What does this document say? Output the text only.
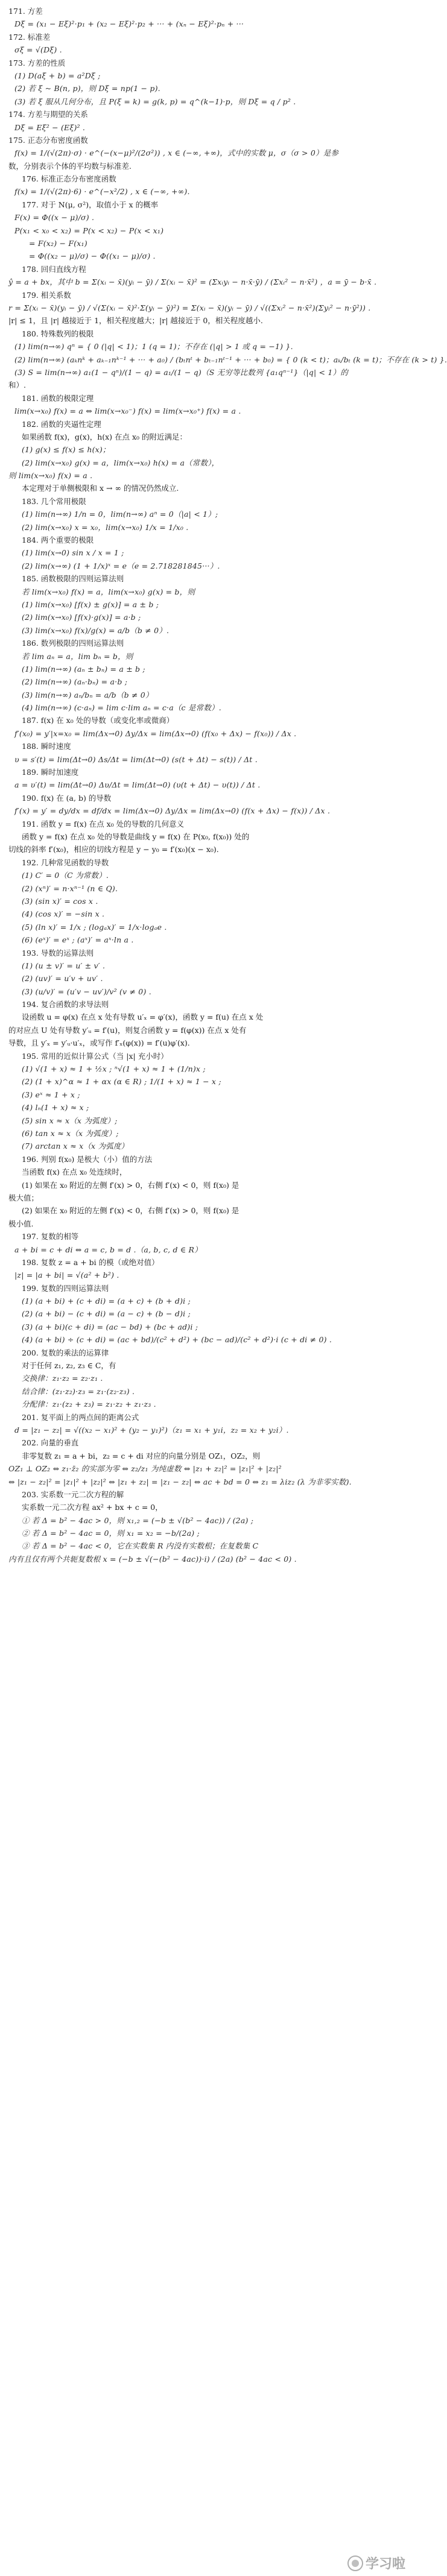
171. 方差
Dξ = (x₁ − Eξ)²·p₁ + (x₂ − Eξ)²·p₂ + ··· + (xₙ − Eξ)²·pₙ + ···
172. 标准差
σξ = √(Dξ) .
173. 方差的性质
(1) D(aξ + b) = a²Dξ ;
(2) 若 ξ ~ B(n, p)，则 Dξ = np(1 − p).
(3) 若 ξ 服从几何分布，且 P(ξ = k) = g(k, p) = q^(k−1)·p，则 Dξ = q / p² .
174. 方差与期望的关系
Dξ = Eξ² − (Eξ)² .
175. 正态分布密度函数
f(x) = 1/(√(2π)·σ) · e^(−(x−μ)²/(2σ²)) , x ∈ (−∞, +∞)，式中的实数 μ，σ（σ > 0）是参
数，分别表示个体的平均数与标准差.
176. 标准正态分布密度函数
f(x) = 1/(√(2π)·6) · e^(−x²/2) , x ∈ (−∞, +∞).
177. 对于 N(μ, σ²)，取值小于 x 的概率
F(x) = Φ((x − μ)/σ) .
P(x₁ < x₀ < x₂) = P(x < x₂) − P(x < x₁)
= F(x₂) − F(x₁)
= Φ((x₂ − μ)/σ) − Φ((x₁ − μ)/σ) .
178. 回归直线方程
ŷ = a + bx，其中 b = Σ(xᵢ − x̄)(yᵢ − ȳ) / Σ(xᵢ − x̄)² = (Σxᵢyᵢ − n·x̄·ȳ) / (Σxᵢ² − n·x̄²) ，a = ȳ − b·x̄ .
179. 相关系数
r = Σ(xᵢ − x̄)(yᵢ − ȳ) / √(Σ(xᵢ − x̄)²·Σ(yᵢ − ȳ)²) = Σ(xᵢ − x̄)(yᵢ − ȳ) / √((Σxᵢ² − n·x̄²)(Σyᵢ² − n·ȳ²)) .
|r| ≤ 1，且 |r| 越接近于 1，相关程度越大；|r| 越接近于 0，相关程度越小.
180. 特殊数列的极限
(1) lim(n→∞) qⁿ = { 0 (|q| < 1)；1 (q = 1)；不存在 (|q| > 1 或 q = −1) }.
(2) lim(n→∞) (aₖnᵏ + aₖ₋₁nᵏ⁻¹ + ··· + a₀) / (bₜnᵗ + bₜ₋₁nᵗ⁻¹ + ··· + b₀) = { 0 (k < t)；aₖ/bₜ (k = t)；不存在 (k > t) }.
(3) S = lim(n→∞) a₁(1 − qⁿ)/(1 − q) = a₁/(1 − q)（S 无穷等比数列 {a₁qⁿ⁻¹}（|q| < 1）的
和）.
181. 函数的极限定理
lim(x→x₀) f(x) = a ⇔ lim(x→x₀⁻) f(x) = lim(x→x₀⁺) f(x) = a .
182. 函数的夹逼性定理
如果函数 f(x)，g(x)，h(x) 在点 x₀ 的附近满足：
(1) g(x) ≤ f(x) ≤ h(x)；
(2) lim(x→x₀) g(x) = a，lim(x→x₀) h(x) = a（常数），
则 lim(x→x₀) f(x) = a .
本定理对于单侧极限和 x → ∞ 的情况仍然成立.
183. 几个常用极限
(1) lim(n→∞) 1/n = 0，lim(n→∞) aⁿ = 0（|a| < 1）;
(2) lim(x→x₀) x = x₀，lim(x→x₀) 1/x = 1/x₀ .
184. 两个重要的极限
(1) lim(x→0) sin x / x = 1 ;
(2) lim(x→∞) (1 + 1/x)ˣ = e（e = 2.718281845···）.
185. 函数极限的四则运算法则
若 lim(x→x₀) f(x) = a，lim(x→x₀) g(x) = b，则
(1) lim(x→x₀) [f(x) ± g(x)] = a ± b ;
(2) lim(x→x₀) [f(x)·g(x)] = a·b ;
(3) lim(x→x₀) f(x)/g(x) = a/b（b ≠ 0）.
186. 数列极限的四则运算法则
若 lim aₙ = a，lim bₙ = b，则
(1) lim(n→∞) (aₙ ± bₙ) = a ± b ;
(2) lim(n→∞) (aₙ·bₙ) = a·b ;
(3) lim(n→∞) aₙ/bₙ = a/b（b ≠ 0）
(4) lim(n→∞) (c·aₙ) = lim c·lim aₙ = c·a（c 是常数）.
187. f(x) 在 x₀ 处的导数（或变化率或微商）
f′(x₀) = y′|x=x₀ = lim(Δx→0) Δy/Δx = lim(Δx→0) (f(x₀ + Δx) − f(x₀)) / Δx .
188. 瞬时速度
υ = s′(t) = lim(Δt→0) Δs/Δt = lim(Δt→0) (s(t + Δt) − s(t)) / Δt .
189. 瞬时加速度
a = υ′(t) = lim(Δt→0) Δυ/Δt = lim(Δt→0) (υ(t + Δt) − υ(t)) / Δt .
190. f(x) 在 (a, b) 的导数
f′(x) = y′ = dy/dx = df/dx = lim(Δx→0) Δy/Δx = lim(Δx→0) (f(x + Δx) − f(x)) / Δx .
191. 函数 y = f(x) 在点 x₀ 处的导数的几何意义
函数 y = f(x) 在点 x₀ 处的导数是曲线 y = f(x) 在 P(x₀, f(x₀)) 处的
切线的斜率 f′(x₀)，相应的切线方程是 y − y₀ = f′(x₀)(x − x₀).
192. 几种常见函数的导数
(1) C′ = 0（C 为常数）.
(2) (xⁿ)′ = n·xⁿ⁻¹ (n ∈ Q).
(3) (sin x)′ = cos x .
(4) (cos x)′ = −sin x .
(5) (ln x)′ = 1/x ; (logₐx)′ = 1/x·logₐe .
(6) (eˣ)′ = eˣ ; (aˣ)′ = aˣ·ln a .
193. 导数的运算法则
(1) (u ± v)′ = u′ ± v′ .
(2) (uv)′ = u′v + uv′ .
(3) (u/v)′ = (u′v − uv′)/v² (v ≠ 0) .
194. 复合函数的求导法则
设函数 u = φ(x) 在点 x 处有导数 u′ₓ = φ′(x)，函数 y = f(u) 在点 x 处
的对应点 U 处有导数 y′ᵤ = f′(u)，则复合函数 y = f(φ(x)) 在点 x 处有
导数，且 y′ₓ = y′ᵤ·u′ₓ，或写作 f′ₓ(φ(x)) = f′(u)φ′(x).
195. 常用的近似计算公式（当 |x| 充小时）
(1) √(1 + x) ≈ 1 + ½x ; ⁿ√(1 + x) ≈ 1 + (1/n)x ;
(2) (1 + x)^α ≈ 1 + αx (α ∈ R) ; 1/(1 + x) ≈ 1 − x ;
(3) eˣ ≈ 1 + x ;
(4) lₙ(1 + x) ≈ x ;
(5) sin x ≈ x（x 为弧度）;
(6) tan x ≈ x（x 为弧度）;
(7) arctan x ≈ x（x 为弧度）
196. 判别 f(x₀) 是极大（小）值的方法
当函数 f(x) 在点 x₀ 处连续时，
(1) 如果在 x₀ 附近的左侧 f′(x) > 0，右侧 f′(x) < 0，则 f(x₀) 是
极大值；
(2) 如果在 x₀ 附近的左侧 f′(x) < 0，右侧 f′(x) > 0，则 f(x₀) 是
极小值.
197. 复数的相等
a + bi = c + di ⇔ a = c, b = d .（a, b, c, d ∈ R）
198. 复数 z = a + bi 的模（或绝对值）
|z| = |a + bi| = √(a² + b²) .
199. 复数的四则运算法则
(1) (a + bi) + (c + di) = (a + c) + (b + d)i ;
(2) (a + bi) − (c + di) = (a − c) + (b − d)i ;
(3) (a + bi)(c + di) = (ac − bd) + (bc + ad)i ;
(4) (a + bi) ÷ (c + di) = (ac + bd)/(c² + d²) + (bc − ad)/(c² + d²)·i (c + di ≠ 0) .
200. 复数的乘法的运算律
对于任何 z₁, z₂, z₃ ∈ C，有
交换律：z₁·z₂ = z₂·z₁ .
结合律：(z₁·z₂)·z₃ = z₁·(z₂·z₃) .
分配律：z₁·(z₂ + z₃) = z₁·z₂ + z₁·z₃ .
201. 复平面上的两点间的距离公式
d = |z₁ − z₂| = √((x₂ − x₁)² + (y₂ − y₁)²)（z₁ = x₁ + y₁i，z₂ = x₂ + y₂i）.
202. 向量的垂直
非零复数 z₁ = a + bi，z₂ = c + di 对应的向量分别是 OZ₁，OZ₂，则
OZ₁ ⊥ OZ₂ ⇔ z₁·z̄₂ 的实部为零 ⇔ z₂/z₁ 为纯虚数 ⇔ |z₁ + z₂|² = |z₁|² + |z₂|²
⇔ |z₁ − z₂|² = |z₁|² + |z₂|² ⇔ |z₁ + z₂| = |z₁ − z₂| ⇔ ac + bd = 0 ⇔ z₁ = λiz₂ (λ 为非零实数).
203. 实系数一元二次方程的解
实系数一元二次方程 ax² + bx + c = 0，
① 若 Δ = b² − 4ac > 0，则 x₁,₂ = (−b ± √(b² − 4ac)) / (2a) ;
② 若 Δ = b² − 4ac = 0，则 x₁ = x₂ = −b/(2a) ;
③ 若 Δ = b² − 4ac < 0，它在实数集 R 内没有实数根；在复数集 C
内有且仅有两个共轭复数根 x = (−b ± √(−(b² − 4ac))·i) / (2a) (b² − 4ac < 0) .
学习啦
